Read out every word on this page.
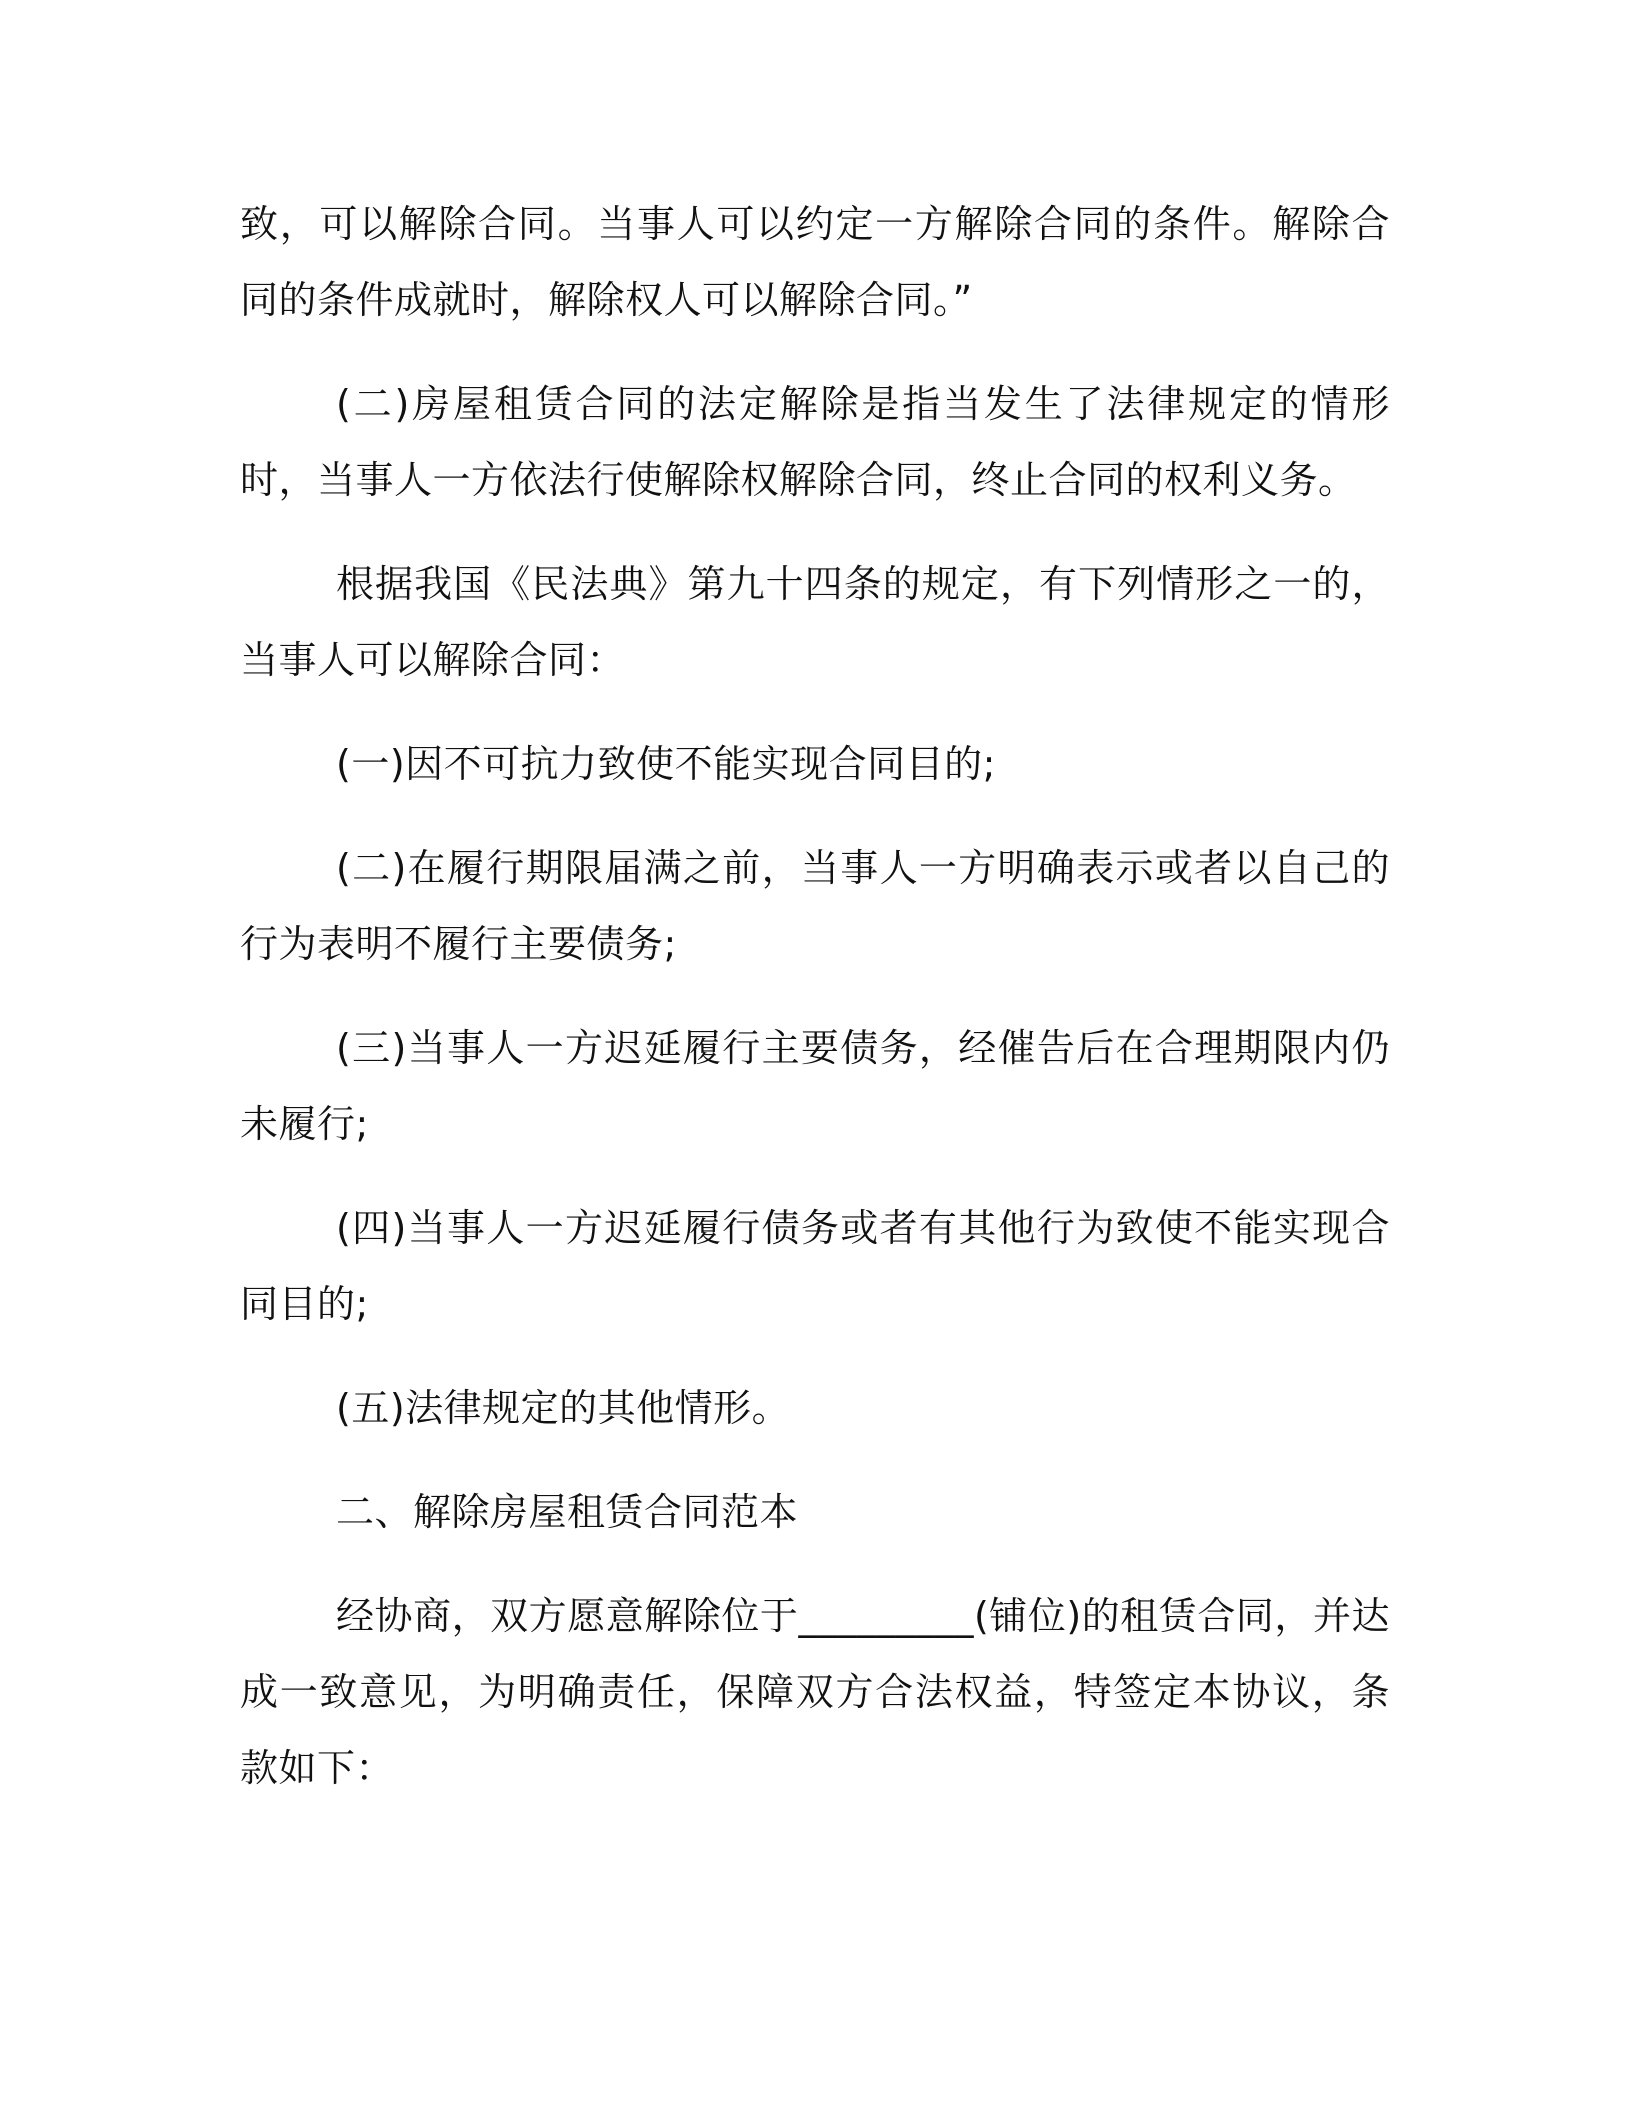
致，可以解除合同。当事人可以约定一方解除合同的条件。解除合同的条件成就时，解除权人可以解除合同。”

(二)房屋租赁合同的法定解除是指当发生了法律规定的情形时，当事人一方依法行使解除权解除合同，终止合同的权利义务。

根据我国《民法典》第九十四条的规定，有下列情形之一的，当事人可以解除合同：

(一)因不可抗力致使不能实现合同目的;

(二)在履行期限届满之前，当事人一方明确表示或者以自己的行为表明不履行主要债务;

(三)当事人一方迟延履行主要债务，经催告后在合理期限内仍未履行;

(四)当事人一方迟延履行债务或者有其他行为致使不能实现合同目的;

(五)法律规定的其他情形。

二、解除房屋租赁合同范本

经协商，双方愿意解除位于_________(铺位)的租赁合同，并达成一致意见，为明确责任，保障双方合法权益，特签定本协议，条款如下：
